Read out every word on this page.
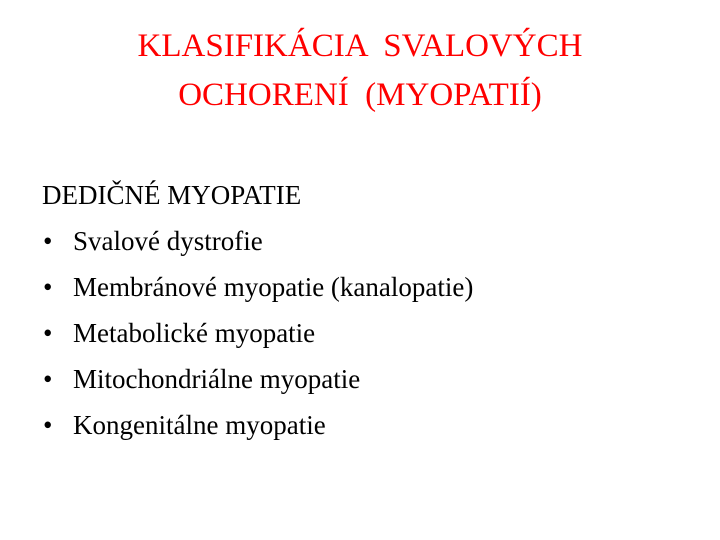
KLASIFIKÁCIA  SVALOVÝCH
OCHORENÍ  (MYOPATIÍ)
DEDIČNÉ MYOPATIE
• Svalové dystrofie
• Membránové myopatie (kanalopatie)
• Metabolické myopatie
• Mitochondriálne myopatie
• Kongenitálne myopatie
